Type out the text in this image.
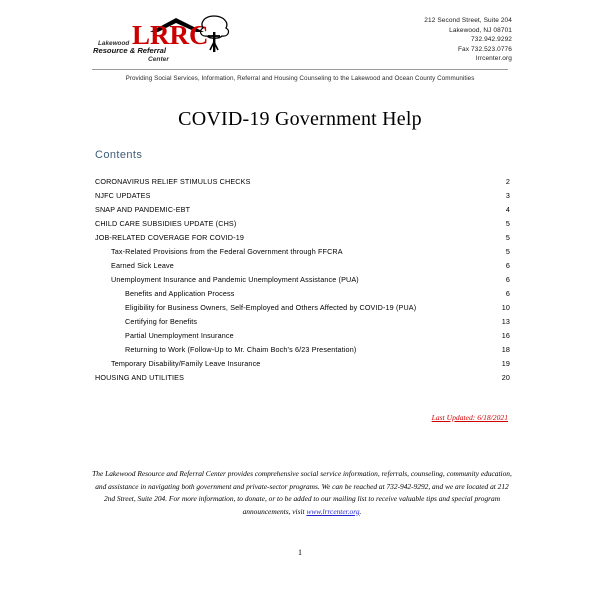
LRRC
Lakewood
Resource & Referral
Center
212 Second Street, Suite 204
Lakewood, NJ 08701
732.942.9292
Fax 732.523.0776
lrrcenter.org
Providing Social Services, Information, Referral and Housing Counseling to the Lakewood and Ocean County Communities
COVID-19 Government Help
Contents
CORONAVIRUS RELIEF STIMULUS CHECKS	2
NJFC UPDATES	3
SNAP AND PANDEMIC-EBT	4
CHILD CARE SUBSIDIES UPDATE (CHS)	5
JOB-RELATED COVERAGE FOR COVID-19	5
Tax-Related Provisions from the Federal Government through FFCRA	5
Earned Sick Leave	6
Unemployment Insurance and Pandemic Unemployment Assistance (PUA)	6
Benefits and Application Process	6
Eligibility for Business Owners, Self-Employed and Others Affected by COVID-19 (PUA)	10
Certifying for Benefits	13
Partial Unemployment Insurance	16
Returning to Work (Follow-Up to Mr. Chaim Boch's 6/23 Presentation)	18
Temporary Disability/Family Leave Insurance	19
HOUSING AND UTILITIES	20
Last Updated: 6/18/2021
The Lakewood Resource and Referral Center provides comprehensive social service information, referrals, counseling, community education, and assistance in navigating both government and private-sector programs. We can be reached at 732-942-9292, and we are located at 212 2nd Street, Suite 204. For more information, to donate, or to be added to our mailing list to receive valuable tips and special program announcements, visit www.lrrcenter.org.
1
